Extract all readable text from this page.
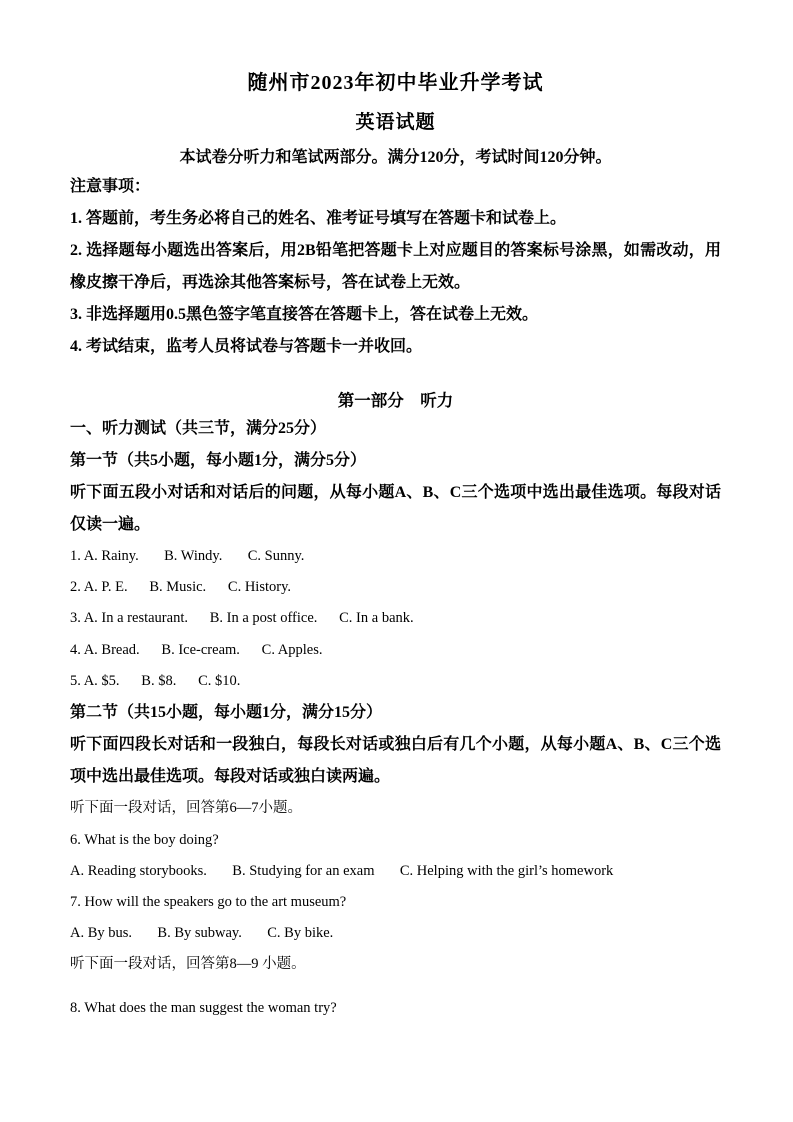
随州市2023年初中毕业升学考试
英语试题

本试卷分听力和笔试两部分。满分120分，考试时间120分钟。

注意事项：

1. 答题前，考生务必将自己的姓名、准考证号填写在答题卡和试卷上。

2. 选择题每小题选出答案后，用2B铅笔把答题卡上对应题目的答案标号涂黑，如需改动，用橡皮擦干净后，再选涂其他答案标号，答在试卷上无效。

3. 非选择题用0.5黑色签字笔直接答在答题卡上，答在试卷上无效。

4. 考试结束，监考人员将试卷与答题卡一并收回。

第一部分　听力

一、听力测试（共三节，满分25分）

第一节（共5小题，每小题1分，满分5分）

听下面五段小对话和对话后的问题，从每小题A、B、C三个选项中选出最佳选项。每段对话仅读一遍。

1. A. Rainy.       B. Windy.       C. Sunny.

2. A. P. E.      B. Music.      C. History.

3. A. In a restaurant.      B. In a post office.      C. In a bank.

4. A. Bread.      B. Ice-cream.      C. Apples.

5. A. $5.      B. $8.      C. $10.

第二节（共15小题，每小题1分，满分15分）

听下面四段长对话和一段独白，每段长对话或独白后有几个小题，从每小题A、B、C三个选项中选出最佳选项。每段对话或独白读两遍。

听下面一段对话，回答第6—7小题。

6. What is the boy doing?

A. Reading storybooks.       B. Studying for an exam       C. Helping with the girl’s homework

7. How will the speakers go to the art museum?

A. By bus.       B. By subway.       C. By bike.

听下面一段对话，回答第8—9 小题。

8. What does the man suggest the woman try?
